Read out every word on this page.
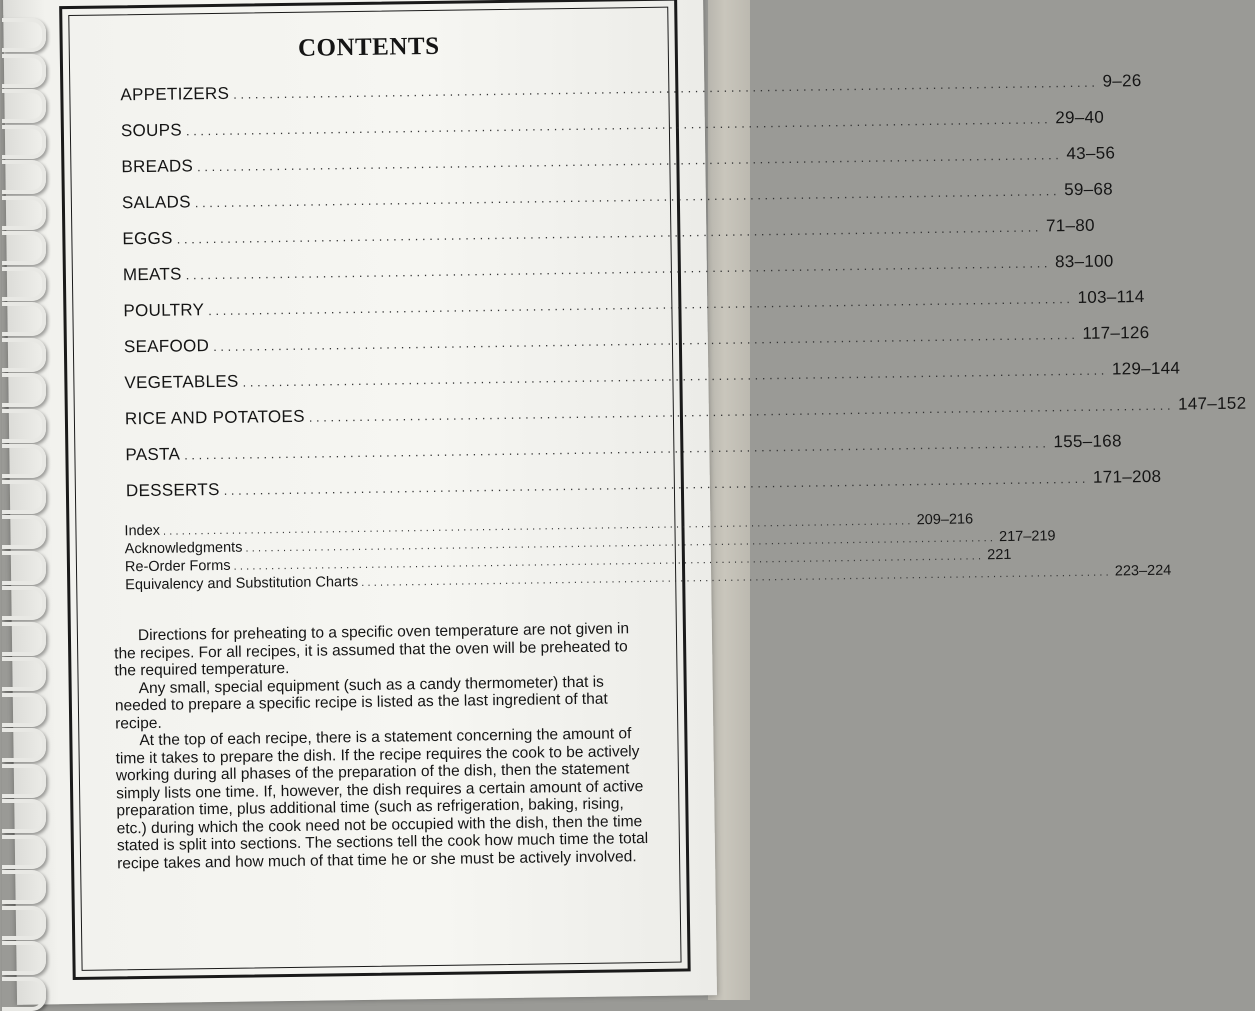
CONTENTS
APPETIZERS ........................................................................................................................ 9–26
SOUPS ........................................................................................................................ 29–40
BREADS ........................................................................................................................ 43–56
SALADS ........................................................................................................................ 59–68
EGGS ........................................................................................................................ 71–80
MEATS ........................................................................................................................ 83–100
POULTRY ........................................................................................................................ 103–114
SEAFOOD ........................................................................................................................ 117–126
VEGETABLES ........................................................................................................................ 129–144
RICE AND POTATOES ........................................................................................................................ 147–152
PASTA ........................................................................................................................ 155–168
DESSERTS ........................................................................................................................ 171–208
Index ........................................................................................................................ 209–216
Acknowledgments ........................................................................................................................ 217–219
Re-Order Forms ........................................................................................................................ 221
Equivalency and Substitution Charts ........................................................................................................................ 223–224

Directions for preheating to a specific oven temperature are not given in the recipes. For all recipes, it is assumed that the oven will be preheated to the required temperature.

Any small, special equipment (such as a candy thermometer) that is needed to prepare a specific recipe is listed as the last ingredient of that recipe.

At the top of each recipe, there is a statement concerning the amount of time it takes to prepare the dish. If the recipe requires the cook to be actively working during all phases of the preparation of the dish, then the statement simply lists one time. If, however, the dish requires a certain amount of active preparation time, plus additional time (such as refrigeration, baking, rising, etc.) during which the cook need not be occupied with the dish, then the time stated is split into sections. The sections tell the cook how much time the total recipe takes and how much of that time he or she must be actively involved.
